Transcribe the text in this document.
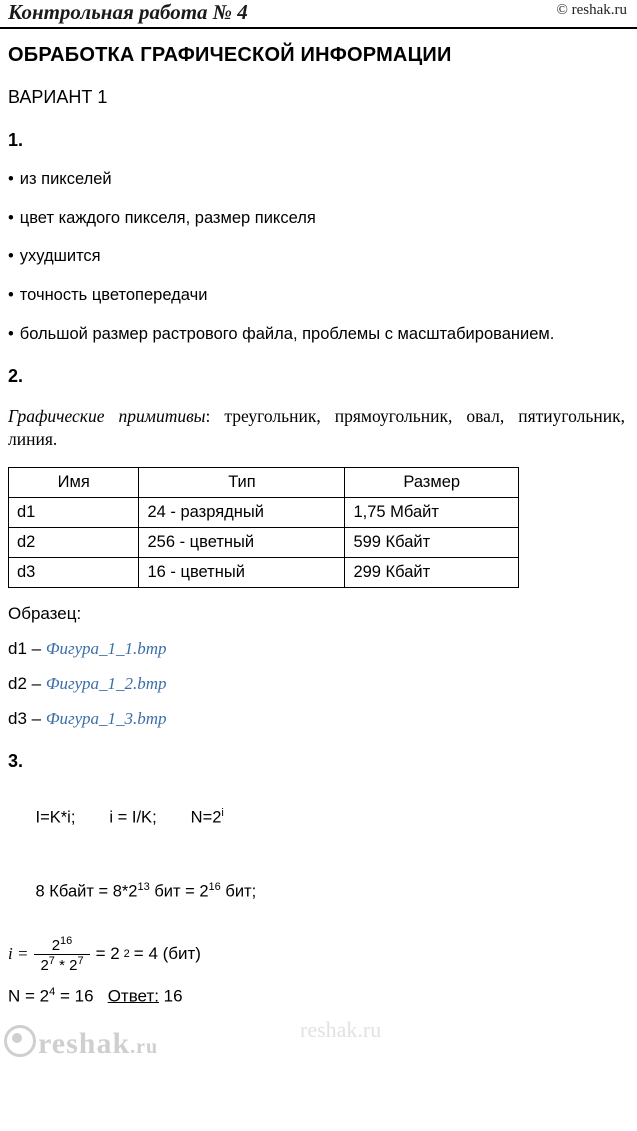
Контрольная работа № 4	© reshak.ru
ОБРАБОТКА ГРАФИЧЕСКОЙ ИНФОРМАЦИИ
ВАРИАНТ 1
1.
• из пикселей
• цвет каждого пикселя, размер пикселя
• ухудшится
• точность цветопередачи
• большой размер растрового файла, проблемы с масштабированием.
2.
Графические примитивы: треугольник, прямоугольник, овал, пятиугольник, линия.
Имя	Тип	Размер
d1	24 - разрядный	1,75 Мбайт
d2	256 - цветный	599 Кбайт
d3	16 - цветный	299 Кбайт
Образец:
d1 – Фигура_1_1.bmp
d2 – Фигура_1_2.bmp
d3 – Фигура_1_3.bmp
3.

I=K*i; i = I/K; $N=2^i$

8 Кбайт = $8*2^{13}$ бит = $2^{16}$ бит;

$i = \frac{2^{16}}{2^7 * 2^7} = 2$ 2 = 4 (бит)
$N = 2^4 = 16$ Ответ: 16
reshak.ru
reshak.ru
